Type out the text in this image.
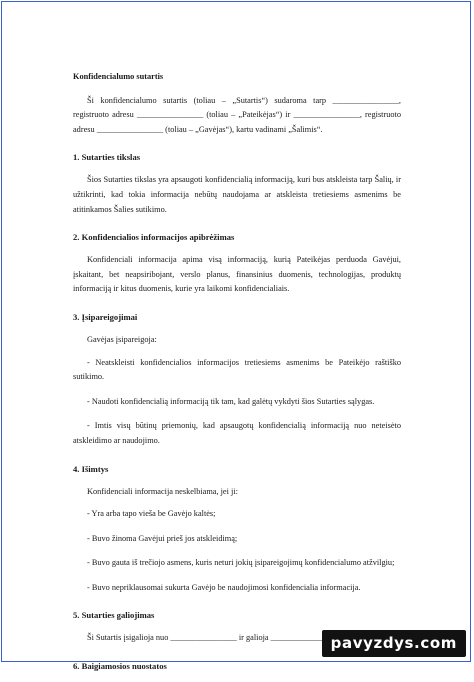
Konfidencialumo sutartis

Ši konfidencialumo sutartis (toliau – „Sutartis“) sudaroma tarp ________________, registruoto adresu ________________ (toliau – „Pateikėjas“) ir ________________, registruoto adresu ________________ (toliau – „Gavėjas“), kartu vadinami „Šalimis“.

1. Sutarties tikslas

Šios Sutarties tikslas yra apsaugoti konfidencialią informaciją, kuri bus atskleista tarp Šalių, ir užtikrinti, kad tokia informacija nebūtų naudojama ar atskleista tretiesiems asmenims be atitinkamos Šalies sutikimo.

2. Konfidencialios informacijos apibrėžimas

Konfidenciali informacija apima visą informaciją, kurią Pateikėjas perduoda Gavėjui, įskaitant, bet neapsiribojant, verslo planus, finansinius duomenis, technologijas, produktų informaciją ir kitus duomenis, kurie yra laikomi konfidencialiais.

3. Įsipareigojimai

Gavėjas įsipareigoja:

- Neatskleisti konfidencialios informacijos tretiesiems asmenims be Pateikėjo raštiško sutikimo.
- Naudoti konfidencialią informaciją tik tam, kad galėtų vykdyti šios Sutarties sąlygas.
- Imtis visų būtinų priemonių, kad apsaugotų konfidencialią informaciją nuo neteisėto atskleidimo ar naudojimo.
4. Išimtys

Konfidenciali informacija neskelbiama, jei ji:

- Yra arba tapo vieša be Gavėjo kaltės;
- Buvo žinoma Gavėjui prieš jos atskleidimą;
- Buvo gauta iš trečiojo asmens, kuris neturi jokių įsipareigojimų konfidencialumo atžvilgiu;
- Buvo nepriklausomai sukurta Gavėjo be naudojimosi konfidencialia informacija.
5. Sutarties galiojimas

Ši Sutartis įsigalioja nuo ________________ ir galioja ________________.

6. Baigiamosios nuostatos	pavyzdys.com
